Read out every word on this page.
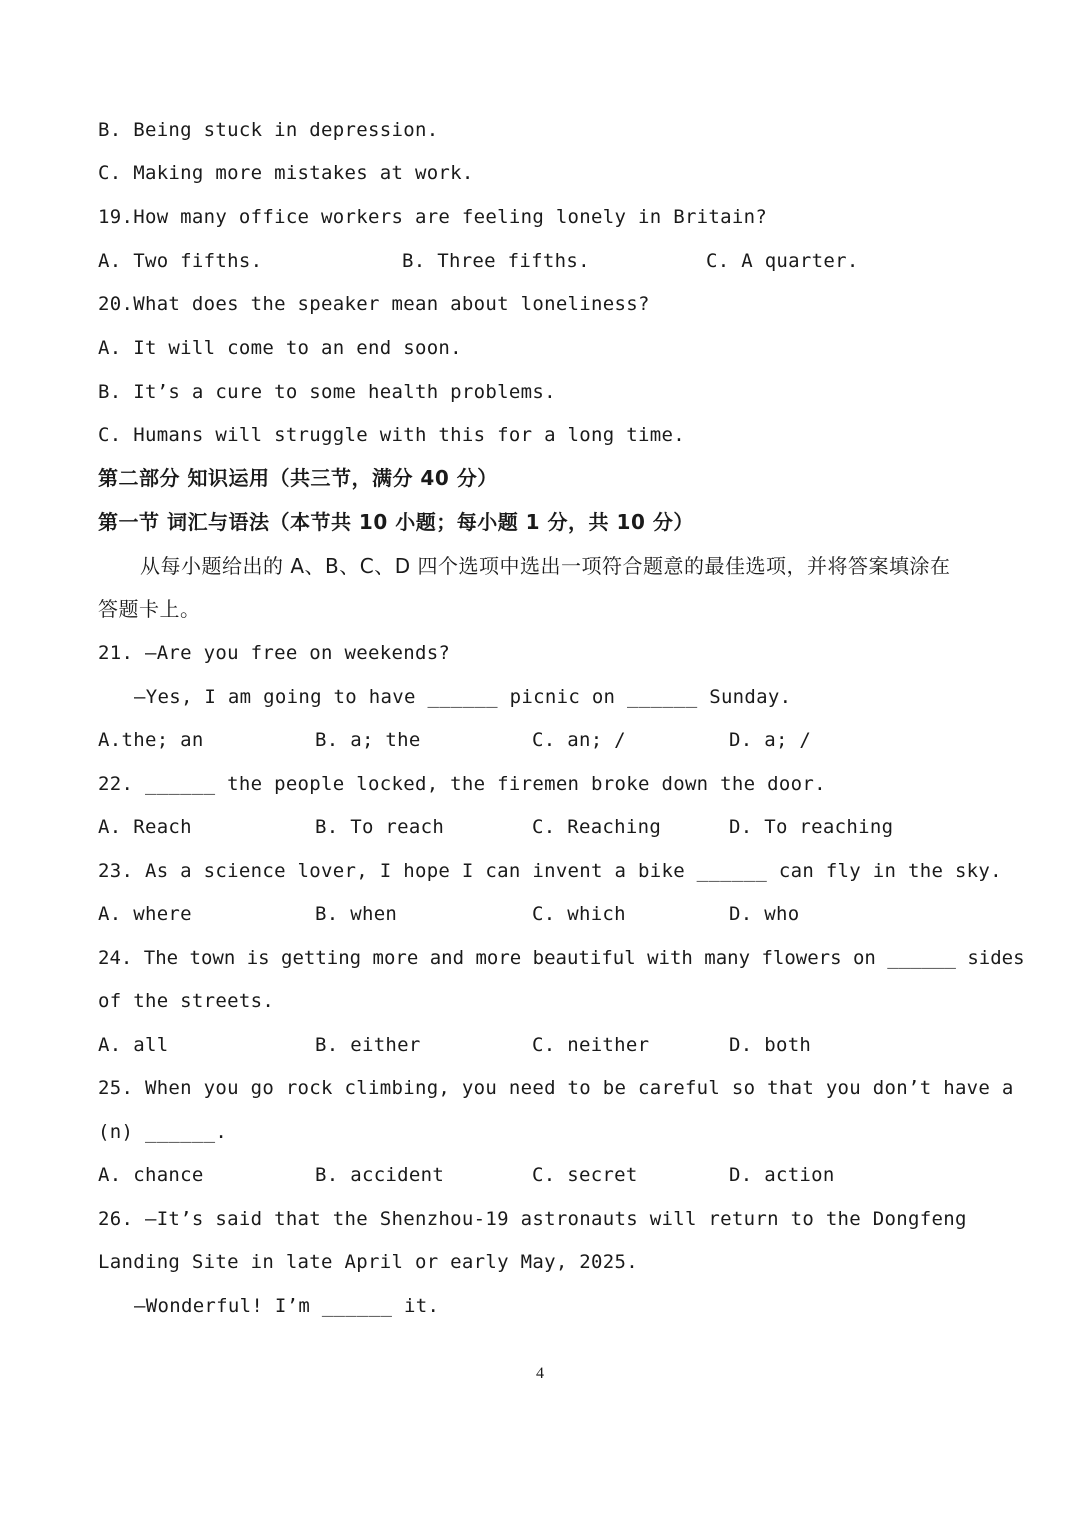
B. Being stuck in depression.
C. Making more mistakes at work.
19.How many office workers are feeling lonely in Britain?
A. Two fifths.	B. Three fifths.	C. A quarter.
20.What does the speaker mean about loneliness?
A. It will come to an end soon.
B. It’s a cure to some health problems.
C. Humans will struggle with this for a long time.
第二部分 知识运用（共三节，满分 40 分）
第一节 词汇与语法（本节共 10 小题；每小题 1 分，共 10 分）
从每小题给出的 A、B、C、D 四个选项中选出一项符合题意的最佳选项，并将答案填涂在
答题卡上。
21. —Are you free on weekends?
—Yes, I am going to have ______ picnic on ______ Sunday.
A.the; an	B. a; the	C. an; /	D. a; /
22. ______ the people locked, the firemen broke down the door.
A. Reach	B. To reach	C. Reaching	D. To reaching
23. As a science lover, I hope I can invent a bike ______ can fly in the sky.
A. where	B. when	C. which	D. who
24. The town is getting more and more beautiful with many flowers on ______ sides
of the streets.
A. all	B. either	C. neither	D. both
25. When you go rock climbing, you need to be careful so that you don’t have a
(n) ______.
A. chance	B. accident	C. secret	D. action
26. —It’s said that the Shenzhou-19 astronauts will return to the Dongfeng
Landing Site in late April or early May, 2025.
—Wonderful! I’m ______ it.
4
